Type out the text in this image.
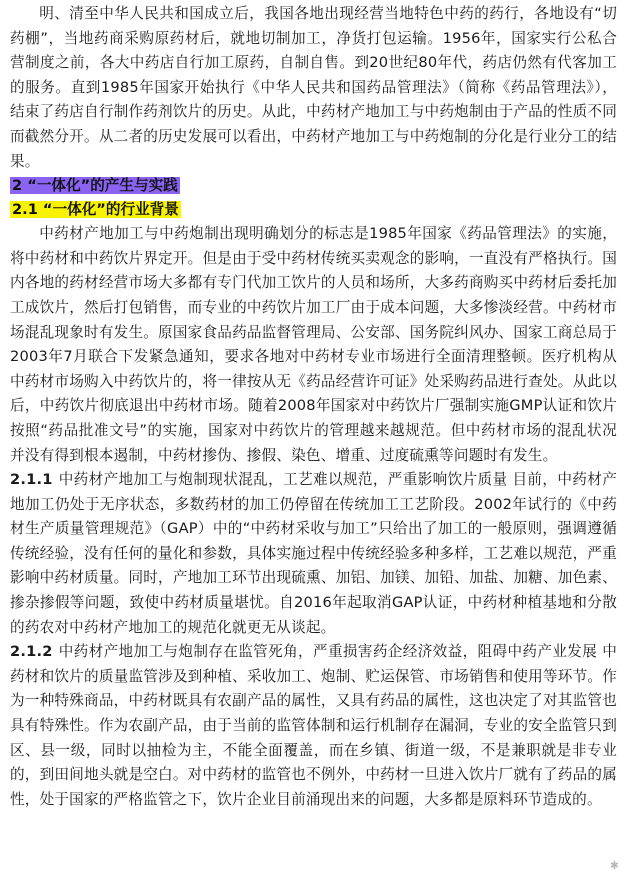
明、清至中华人民共和国成立后，我国各地出现经营当地特色中药的药行，各地设有“切药棚”，当地药商采购原药材后，就地切制加工，净货打包运输。1956年，国家实行公私合营制度之前，各大中药店自行加工原药，自制自售。到20世纪80年代，药店仍然有代客加工的服务。直到1985年国家开始执行《中华人民共和国药品管理法》（简称《药品管理法》），结束了药店自行制作药剂饮片的历史。从此，中药材产地加工与中药炮制由于产品的性质不同而截然分开。从二者的历史发展可以看出，中药材产地加工与中药炮制的分化是行业分工的结果。

2 “一体化”的产生与实践

2.1 “一体化”的行业背景

中药材产地加工与中药炮制出现明确划分的标志是1985年国家《药品管理法》的实施，将中药材和中药饮片界定开。但是由于受中药材传统买卖观念的影响，一直没有严格执行。国内各地的药材经营市场大多都有专门代加工饮片的人员和场所，大多药商购买中药材后委托加工成饮片，然后打包销售，而专业的中药饮片加工厂由于成本问题，大多惨淡经营。中药材市场混乱现象时有发生。原国家食品药品监督管理局、公安部、国务院纠风办、国家工商总局于2003年7月联合下发紧急通知，要求各地对中药材专业市场进行全面清理整顿。医疗机构从中药材市场购入中药饮片的，将一律按从无《药品经营许可证》处采购药品进行查处。从此以后，中药饮片彻底退出中药材市场。随着2008年国家对中药饮片厂强制实施GMP认证和饮片按照“药品批准文号”的实施，国家对中药饮片的管理越来越规范。但中药材市场的混乱状况并没有得到根本遏制，中药材掺伪、掺假、染色、增重、过度硫熏等问题时有发生。

2.1.1 中药材产地加工与炮制现状混乱，工艺难以规范，严重影响饮片质量 目前，中药材产地加工仍处于无序状态，多数药材的加工仍停留在传统加工工艺阶段。2002年试行的《中药材生产质量管理规范》（GAP）中的“中药材采收与加工”只给出了加工的一般原则，强调遵循传统经验，没有任何的量化和参数，具体实施过程中传统经验多种多样，工艺难以规范，严重影响中药材质量。同时，产地加工环节出现硫熏、加铝、加镁、加铅、加盐、加糖、加色素、掺杂掺假等问题，致使中药材质量堪忧。自2016年起取消GAP认证，中药材种植基地和分散的药农对中药材产地加工的规范化就更无从谈起。

2.1.2 中药材产地加工与炮制存在监管死角，严重损害药企经济效益，阻碍中药产业发展 中药材和饮片的质量监管涉及到种植、采收加工、炮制、贮运保管、市场销售和使用等环节。作为一种特殊商品，中药材既具有农副产品的属性，又具有药品的属性，这也决定了对其监管也具有特殊性。作为农副产品，由于当前的监管体制和运行机制存在漏洞，专业的安全监管只到区、县一级，同时以抽检为主，不能全面覆盖，而在乡镇、街道一级，不是兼职就是非专业的，到田间地头就是空白。对中药材的监管也不例外，中药材一旦进入饮片厂就有了药品的属性，处于国家的严格监管之下，饮片企业目前涌现出来的问题，大多都是原料环节造成的。

✱
